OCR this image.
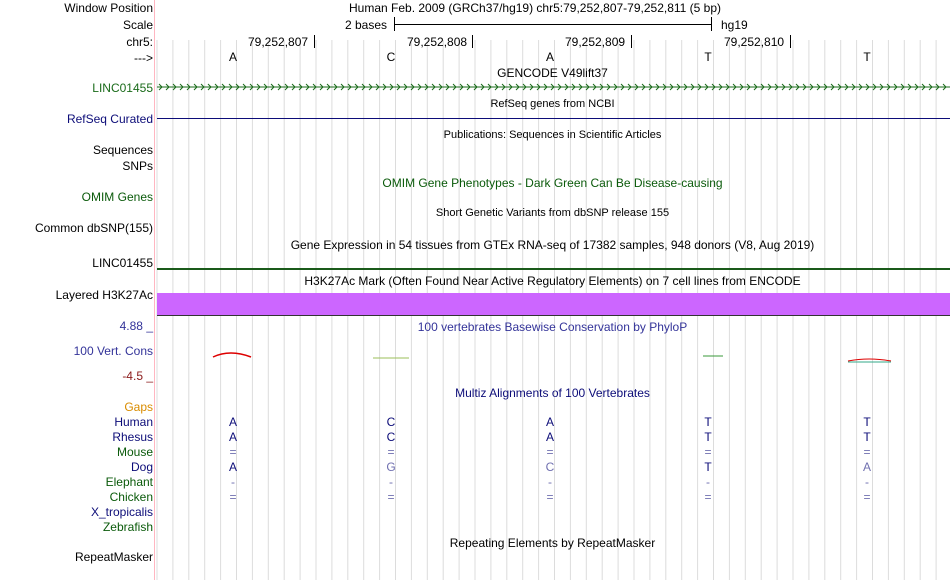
Window Position	Human Feb. 2009 (GRCh37/hg19) chr5:79,252,807-79,252,811 (5 bp)
Scale	2 bases	hg19
chr5:	79,252,807	79,252,808	79,252,809	79,252,810
--->	A	C	A	T	T
GENCODE V49lift37
LINC01455
RefSeq genes from NCBI
RefSeq Curated
Publications: Sequences in Scientific Articles
Sequences
SNPs
OMIM Gene Phenotypes - Dark Green Can Be Disease-causing
OMIM Genes
Short Genetic Variants from dbSNP release 155
Common dbSNP(155)
Gene Expression in 54 tissues from GTEx RNA-seq of 17382 samples, 948 donors (V8, Aug 2019)
LINC01455
H3K27Ac Mark (Often Found Near Active Regulatory Elements) on 7 cell lines from ENCODE
Layered H3K27Ac
100 vertebrates Basewise Conservation by PhyloP
4.88 _
100 Vert. Cons
-4.5 _
Multiz Alignments of 100 Vertebrates
Gaps
Human	A	C	A	T	T
Rhesus	A	C	A	T	T
Mouse	=	=	=	=	=
Dog	A	G	C	T	A
Elephant	-	-	-	-	-
Chicken	=	=	=	=	=
X_tropicalis
Zebrafish
Repeating Elements by RepeatMasker
RepeatMasker
